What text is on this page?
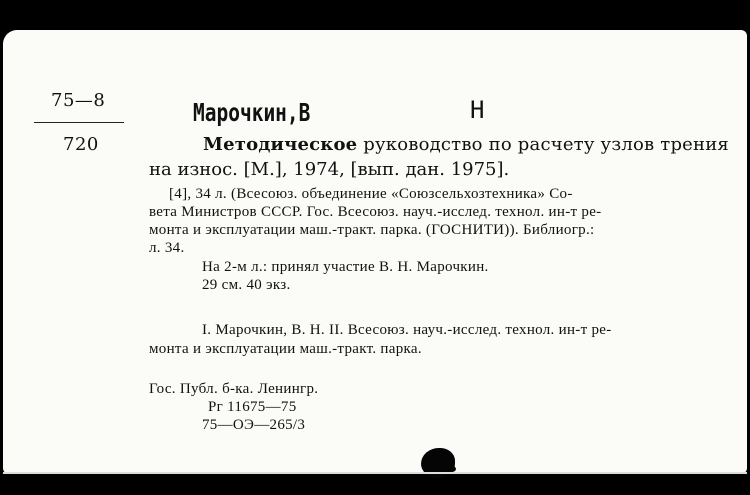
75—8
720
Марочкин,В	Н
Методическое руководство по расчету узлов трения
на износ. [М.], 1974, [вып. дан. 1975].
[4], 34 л. (Всесоюз. объединение «Союзсельхозтехника» Со-
вета Министров СССР. Гос. Всесоюз. науч.-исслед. технол. ин-т ре-
монта и эксплуатации маш.-тракт. парка. (ГОСНИТИ)). Библиогр.:
л. 34.
На 2-м л.: принял участие В. Н. Марочкин.
29 см. 40 экз.
I. Марочкин, В. Н. II. Всесоюз. науч.-исслед. технол. ин-т ре-
монта и эксплуатации маш.-тракт. парка.
Гос. Публ. б-ка. Ленингр.
Рг 11675—75
75—ОЭ—265/3
